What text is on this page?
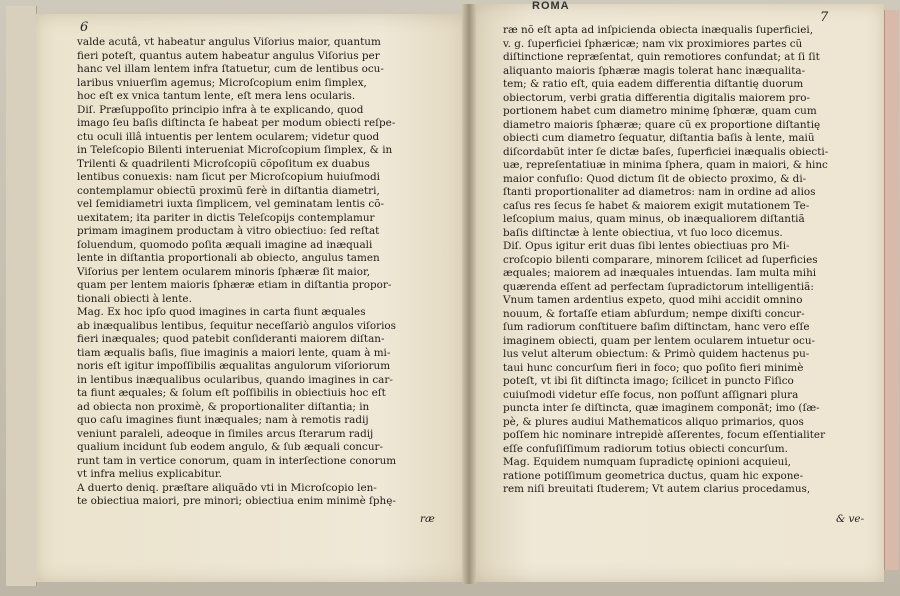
ROMA
6
7

valde acutâ, vt habeatur angulus Viſorius maior, quantum

fieri poteſt, quantus autem habeatur angulus Viſorius per

hanc vel illam lentem infra ſtatuetur, cum de lentibus ocu-

laribus vniuerſim agemus; Microſcopium enim ſimplex,

hoc eſt ex vnica tantum lente, eſt mera lens ocularis.

Diſ. Præſuppoſito principio infra à te explicando, quod

imago ſeu baſis diſtincta ſe habeat per modum obiecti reſpe-

ctu oculi illâ intuentis per lentem ocularem; videtur quod

in Teleſcopio Bilenti interueniat Microſcopium ſimplex, & in

Trilenti & quadrilenti Microſcopiũ cõpoſitum ex duabus

lentibus conuexis: nam ſicut per Microſcopium huiuſmodi

contemplamur obiectũ proximũ ferè in diſtantia diametri,

vel ſemidiametri iuxta ſimplicem, vel geminatam lentis cõ-

uexitatem; ita pariter in dictis Teleſcopijs contemplamur

primam imaginem productam à vitro obiectiuo: ſed reſtat

ſoluendum, quomodo poſita æquali imagine ad inæquali

lente in diſtantia proportionali ab obiecto, angulus tamen

Viſorius per lentem ocularem minoris ſphæræ ſit maior,

quam per lentem maioris ſphæræ etiam in diſtantia propor-

tionali obiecti à lente.

Mag. Ex hoc ipſo quod imagines in carta fiunt æquales

ab inæqualibus lentibus, ſequitur neceſſariò angulos viſorios

fieri inæquales; quod patebit conſideranti maiorem diſtan-

tiam æqualis baſis, ſiue imaginis a maiori lente, quam à mi-

noris eſt igitur impoſſibilis æqualitas angulorum viſoriorum

in lentibus inæqualibus ocularibus, quando imagines in car-

ta fiunt æquales; & ſolum eſt poſſibilis in obiectiuis hoc eſt

ad obiecta non proximè, & proportionaliter diſtantia; in

quo caſu imagines fiunt inæquales; nam à remotis radij

veniunt paraleli, adeoque in ſimiles arcus ſterarum radij

qualium incidunt ſub eodem angulo, & ſub æquali concur-

runt tam in vertice conorum, quam in interſectione conorum

vt infra melius explicabitur.

A duerto deniq. præſtare aliquãdo vti in Microſcopio len-

te obiectiua maiori, pre minori; obiectiua enim minimè ſphę-

ræ nõ eſt apta ad inſpicienda obiecta inæqualis ſuperficiei,

v. g. ſuperficiei ſphæricæ; nam vix proximiores partes cũ

diſtinctione repræſentat, quin remotiores confundat; at ſi ſit

aliquanto maioris ſphæræ magis tolerat hanc inæqualita-

tem; & ratio eſt, quia eadem differentia diſtantię duorum

obiectorum, verbi gratia differentia digitalis maiorem pro-

portionem habet cum diametro minimę ſphœræ, quam cum

diametro maioris ſphæræ; quare cũ ex proportione diſtantię

obiecti cum diametro ſequatur, diſtantia baſis à lente, maiũ

diſcordabũt inter ſe dictæ baſes, ſuperficiei inæqualis obiecti-

uæ, repreſentatiuæ in minima ſphera, quam in maiori, & hinc

maior confuſio: Quod dictum ſit de obiecto proximo, & di-

ſtanti proportionaliter ad diametros: nam in ordine ad alios

caſus res ſecus ſe habet & maiorem exigit mutationem Te-

leſcopium maius, quam minus, ob inæqualiorem diſtantiã

baſis diſtinctæ à lente obiectiua, vt ſuo loco dicemus.

Diſ. Opus igitur erit duas ſibi lentes obiectiuas pro Mi-

croſcopio bilenti comparare, minorem ſcilicet ad ſuperficies

æquales; maiorem ad inæquales intuendas. Iam multa mihi

quærenda eſſent ad perfectam ſupradictorum intelligentiã:

Vnum tamen ardentius expeto, quod mihi accidit omnino

nouum, & fortaſſe etiam abſurdum; nempe dixiſti concur-

ſum radiorum conſtituere baſim diſtinctam, hanc vero eſſe

imaginem obiecti, quam per lentem ocularem intuetur ocu-

lus velut alterum obiectum: & Primò quidem hactenus pu-

taui hunc concurſum fieri in foco; quo poſito fieri minimè

poteſt, vt ibi ſit diſtincta imago; ſcilicet in puncto Fiſico

cuiuſmodi videtur eſſe focus, non poſſunt aſſignari plura

puncta inter ſe diſtincta, quæ imaginem componãt; imo (ſæ-

pè, & plures audiui Mathematicos aliquo primarios, quos

poſſem hic nominare intrepidè aſſerentes, focum eſſentialiter

eſſe confuſiſſimum radiorum totius obiecti concurſum.

Mag. Equidem numquam ſupradictę opinioni acquieui,

ratione potiſſimum geometrica ductus, quam hic expone-

rem niſi breuitati ſtuderem; Vt autem clarius procedamus,

ræ	& ve-
